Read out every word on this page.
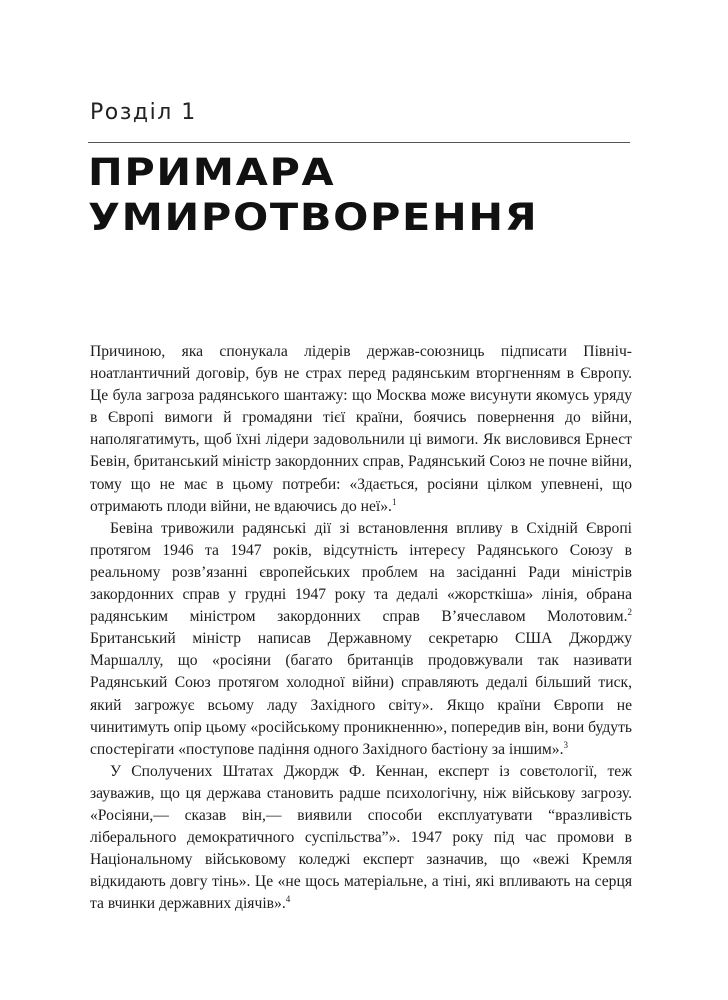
Розділ 1
ПРИМАРА
УМИРОТВОРЕННЯ

Причиною, яка спонукала лідерів держав-союзниць підписати Північноатлантичний договір, був не страх перед радянським вторгненням в Європу. Це була загроза радянського шантажу: що Москва може висунути якомусь уряду в Європі вимоги й громадяни тієї країни, боячись повернення до війни, наполягатимуть, щоб їхні лідери задовольнили ці вимоги. Як висловився Ернест Бевін, британський міністр закордонних справ, Радянський Союз не почне війни, тому що не має в цьому потреби: «Здається, росіяни цілком упевнені, що отримають плоди війни, не вдаючись до неї».$^1$

Бевіна тривожили радянські дії зі встановлення впливу в Східній Європі протягом 1946 та 1947 років, відсутність інтересу Радянського Союзу в реальному розв’язанні європейських проблем на засіданні Ради міністрів закордонних справ у грудні 1947 року та дедалі «жорсткіша» лінія, обрана радянським міністром закордонних справ В’ячеславом Молотовим.$^2$ Британський міністр написав Державному секретарю США Джорджу Маршаллу, що «росіяни (багато британців продовжували так називати Радянський Союз протягом холодної війни) справляють дедалі більший тиск, який загрожує всьому ладу Західного світу». Якщо країни Європи не чинитимуть опір цьому «російському проникненню», попередив він, вони будуть спостерігати «поступове падіння одного Західного бастіону за іншим».$^3$

У Сполучених Штатах Джордж Ф. Кеннан, експерт із совєтології, теж зауважив, що ця держава становить радше психологічну, ніж військову загрозу. «Росіяни,— сказав він,— виявили способи експлуатувати “вразливість ліберального демократичного суспільства”». 1947 року під час промови в Національному військовому коледжі експерт зазначив, що «вежі Кремля відкидають довгу тінь». Це «не щось матеріальне, а тіні, які впливають на серця та вчинки державних діячів».$^4$
